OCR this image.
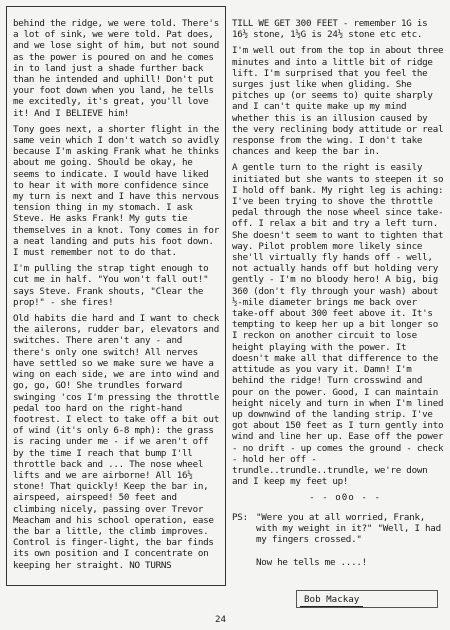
behind the ridge, we were told. There's a lot of sink, we were told. Pat does, and we lose sight of him, but not sound as the power is poured on and he comes in to land just a shade further back than he intended and uphill! Don't put your foot down when you land, he tells me excitedly, it's great, you'll love it! And I BELIEVE him!

Tony goes next, a shorter flight in the same vein which I don't watch so avidly because I'm asking Frank what he thinks about me going. Should be okay, he seems to indicate. I would have liked to hear it with more confidence since my turn is next and I have this nervous tension thing in my stomach. I ask Steve. He asks Frank! My guts tie themselves in a knot. Tony comes in for a neat landing and puts his foot down. I must remember not to do that.

I'm pulling the strap tight enough to cut me in half. "You won't fall out!" says Steve. Frank shouts, "Clear the prop!" - she fires!

Old habits die hard and I want to check the ailerons, rudder bar, elevators and switches. There aren't any - and there's only one switch! All nerves have settled so we make sure we have a wing on each side, we are into wind and go, go, GO! She trundles forward swinging 'cos I'm pressing the throttle pedal too hard on the right-hand footrest. I elect to take off a bit out of wind (it's only 6-8 mph): the grass is racing under me - if we aren't off by the time I reach that bump I'll throttle back and ... The nose wheel lifts and we are airborne! All 16½ stone! That quickly! Keep the bar in, airspeed, airspeed! 50 feet and climbing nicely, passing over Trevor Meacham and his school operation, ease the bar a little, the climb improves. Control is finger-light, the bar finds its own position and I concentrate on keeping her straight. NO TURNS

TILL WE GET 300 FEET - remember 1G is 16½ stone, 1½G is 24½ stone etc etc.

I'm well out from the top in about three minutes and into a little bit of ridge lift. I'm surprised that you feel the surges just like when gliding. She pitches up (or seems to) quite sharply and I can't quite make up my mind whether this is an illusion caused by the very reclining body attitude or real response from the wing. I don't take chances and keep the bar in.

A gentle turn to the right is easily initiated but she wants to steepen it so I hold off bank. My right leg is aching: I've been trying to shove the throttle pedal through the nose wheel since take-off. I relax a bit and try a left turn. She doesn't seem to want to tighten that way. Pilot problem more likely since she'll virtually fly hands off - well, not actually hands off but holding very gently - I'm no bloody hero! A big, big 360 (don't fly through your wash) about ½-mile diameter brings me back over take-off about 300 feet above it. It's tempting to keep her up a bit longer so I reckon on another circuit to lose height playing with the power. It doesn't make all that difference to the attitude as you vary it. Damn! I'm behind the ridge! Turn crosswind and pour on the power. Good, I can maintain height nicely and turn in when I'm lined up downwind of the landing strip. I've got about 150 feet as I turn gently into wind and line her up. Ease off the power - no drift - up comes the ground - check - hold her off - trundle..trundle..trundle, we're down and I keep my feet up!

- - o0o - -
PS: "Were you at all worried, Frank, with my weight in it?" "Well, I had my fingers crossed."

Now he tells me ....!
Bob Mackay
24
